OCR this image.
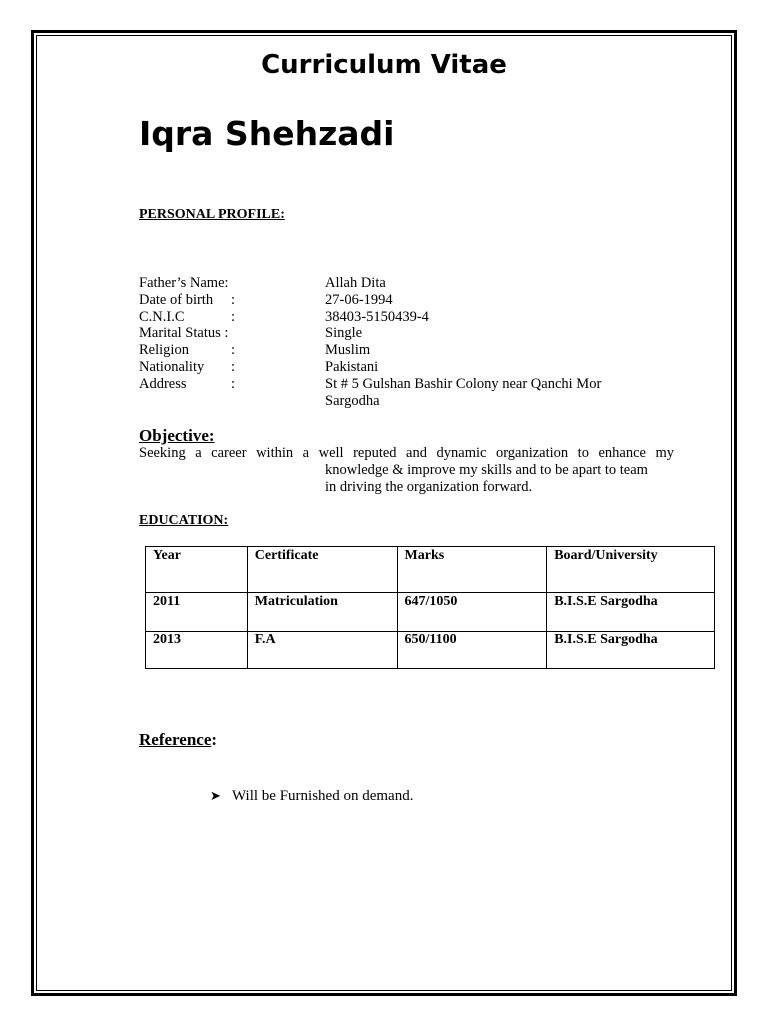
Curriculum Vitae
Iqra Shehzadi
PERSONAL PROFILE:
Father’s Name:	Allah Dita
Date of birth :	27-06-1994
C.N.I.C	:	38403-5150439-4
Marital Status :	Single
Religion	:	Muslim
Nationality :	Pakistani
Address	:	St # 5 Gulshan Bashir Colony near Qanchi Mor
Sargodha
Objective:
Seeking a career within a well reputed and dynamic organization to enhance my
knowledge & improve my skills and to be apart to team
in driving the organization forward.
EDUCATION:
Year	Certificate	Marks	Board/University
2011	Matriculation	647/1050	B.I.S.E Sargodha
2013	F.A	650/1100	B.I.S.E Sargodha
Reference:
➤ Will be Furnished on demand.
